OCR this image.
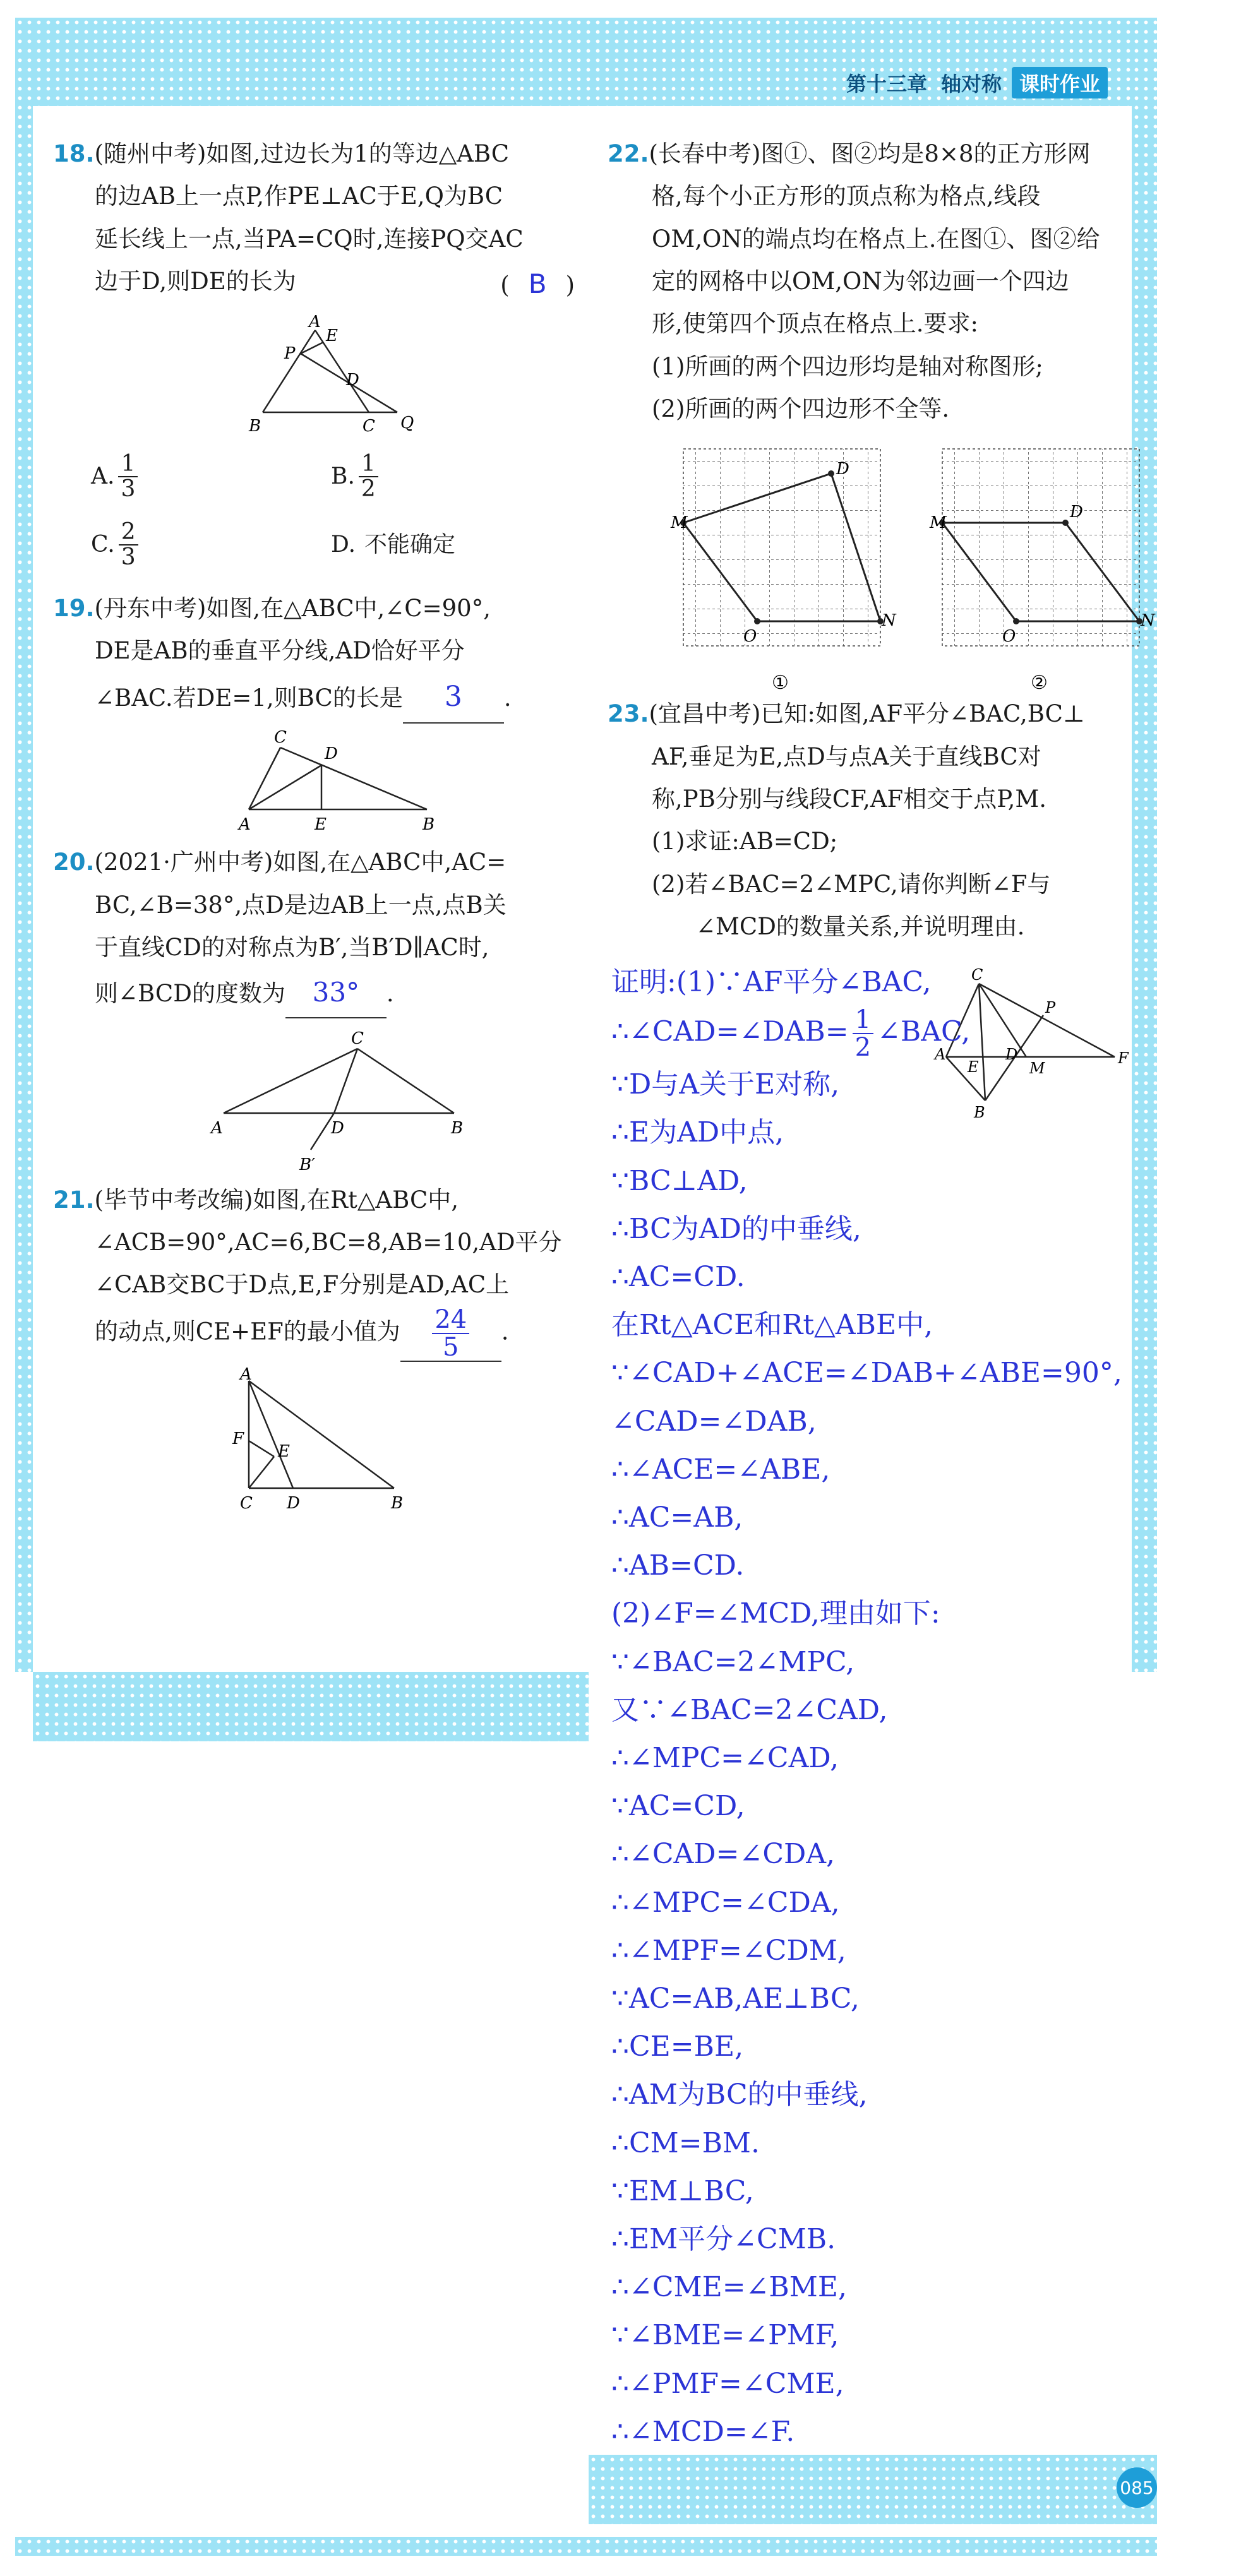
第十三章 轴对称 课时作业
18.(随州中考)如图,过边长为1的等边△ABC
的边AB上一点P,作PE⊥AC于E,Q为BC
延长线上一点,当PA=CQ时,连接PQ交AC
边于D,则DE的长为	( B )
A
E
P
D
B	C Q
A. $\frac{1}{3}$	B. $\frac{1}{2}$
C. $\frac{2}{3}$	D. 不能确定
19.(丹东中考)如图,在△ABC中,∠C=90°,
DE是AB的垂直平分线,AD恰好平分
∠BAC.若DE=1,则BC的长是 3 .
C
D
A	E	B
20.(2021·广州中考)如图,在△ABC中,AC=
BC,∠B=38°,点D是边AB上一点,点B关
于直线CD的对称点为B′,当B′D∥AC时,
则∠BCD的度数为 33° .
C
A	D	B
B′
21.(毕节中考改编)如图,在Rt△ABC中,
∠ACB=90°,AC=6,BC=8,AB=10,AD平分
∠CAB交BC于D点,E,F分别是AD,AC上
的动点,则CE+EF的最小值为 $\frac{24}{5}$ .
A
F
E
C D	B
22.(长春中考)图①、图②均是8×8的正方形网
格,每个小正方形的顶点称为格点,线段
OM,ON的端点均在格点上.在图①、图②给
定的网格中以OM,ON为邻边画一个四边
形,使第四个顶点在格点上.要求:
(1)所画的两个四边形均是轴对称图形;
(2)所画的两个四边形不全等.
M
D
O
N
①
M
D
O
N
②
23.(宜昌中考)已知:如图,AF平分∠BAC,BC⊥
AF,垂足为E,点D与点A关于直线BC对
称,PB分别与线段CF,AF相交于点P,M.
(1)求证:AB=CD;
(2)若∠BAC=2∠MPC,请你判断∠F与
∠MCD的数量关系,并说明理由.
C
P
A
E
D
M
F
B
证明:(1)∵AF平分∠BAC,
∴∠CAD=∠DAB= $\frac{1}{2}$ ∠BAC,
∵D与A关于E对称,
∴E为AD中点,
∵BC⊥AD,
∴BC为AD的中垂线,
∴AC=CD.
在Rt△ACE和Rt△ABE中,
∵∠CAD+∠ACE=∠DAB+∠ABE=90°,
∠CAD=∠DAB,
∴∠ACE=∠ABE,
∴AC=AB,
∴AB=CD.
(2)∠F=∠MCD,理由如下:
∵∠BAC=2∠MPC,
又∵∠BAC=2∠CAD,
∴∠MPC=∠CAD,
∵AC=CD,
∴∠CAD=∠CDA,
∴∠MPC=∠CDA,
∴∠MPF=∠CDM,
∵AC=AB,AE⊥BC,
∴CE=BE,
∴AM为BC的中垂线,
∴CM=BM.
∵EM⊥BC,
∴EM平分∠CMB.
∴∠CME=∠BME,
∵∠BME=∠PMF,
∴∠PMF=∠CME,
∴∠MCD=∠F.
085
